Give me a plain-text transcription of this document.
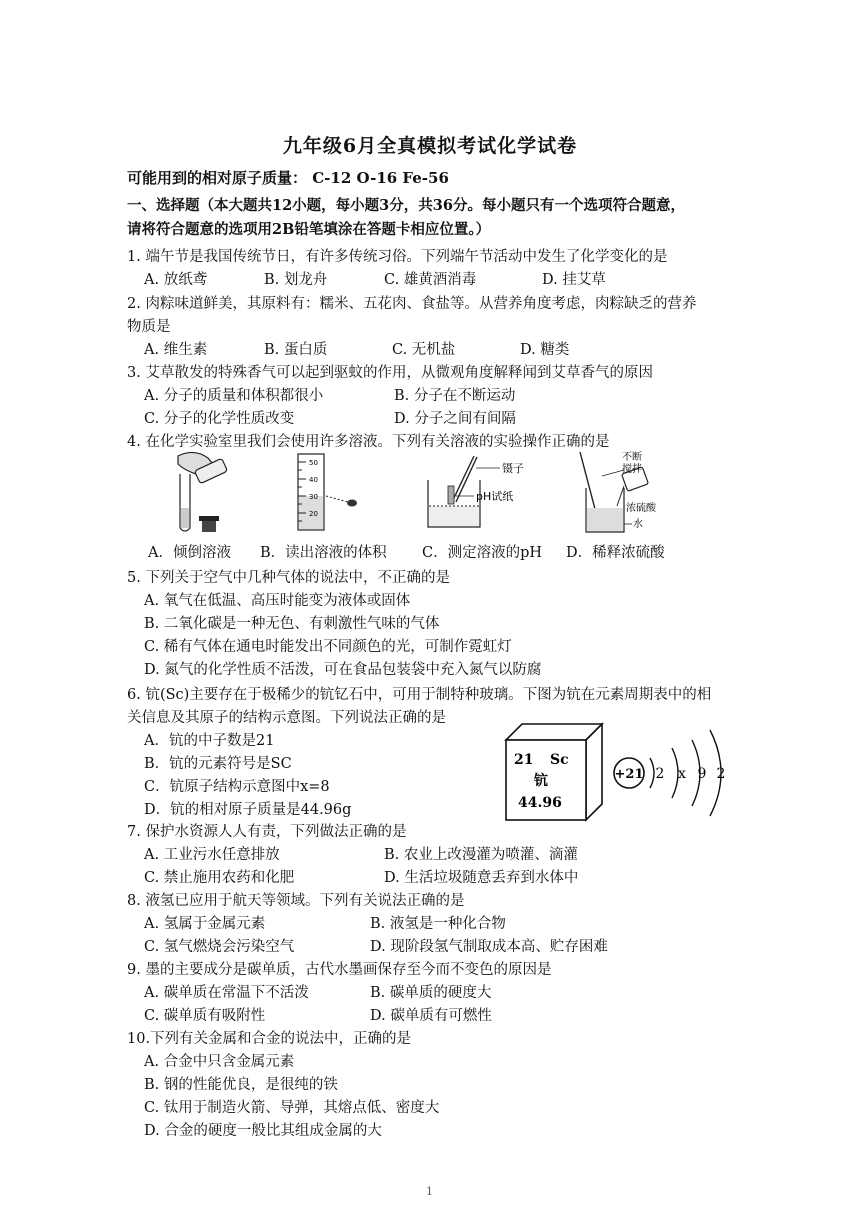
九年级6月全真模拟考试化学试卷
可能用到的相对原子质量： C-12 O-16 Fe-56
一、选择题（本大题共12小题，每小题3分，共36分。每小题只有一个选项符合题意，
请将符合题意的选项用2B铅笔填涂在答题卡相应位置。）
1. 端午节是我国传统节日，有许多传统习俗。下列端午节活动中发生了化学变化的是
A. 放纸鸢	B. 划龙舟	C. 雄黄酒消毒	D. 挂艾草
2. 肉粽味道鲜美，其原料有：糯米、五花肉、食盐等。从营养角度考虑，肉粽缺乏的营养
物质是
A. 维生素	B. 蛋白质	C. 无机盐	D. 糖类
3. 艾草散发的特殊香气可以起到驱蚊的作用，从微观角度解释闻到艾草香气的原因
A. 分子的质量和体积都很小	B. 分子在不断运动
C. 分子的化学性质改变	D. 分子之间有间隔
4. 在化学实验室里我们会使用许多溶液。下列有关溶液的实验操作正确的是
50
40
30
20
镊子
pH试纸
不断
搅拌
浓硫酸
水
A．倾倒溶液 B．读出溶液的体积 C．测定溶液的pH D．稀释浓硫酸
5. 下列关于空气中几种气体的说法中，不正确的是
A. 氧气在低温、高压时能变为液体或固体
B. 二氧化碳是一种无色、有刺激性气味的气体
C. 稀有气体在通电时能发出不同颜色的光，可制作霓虹灯
D. 氮气的化学性质不活泼，可在食品包装袋中充入氮气以防腐
6. 钪(Sc)主要存在于极稀少的钪钇石中，可用于制特种玻璃。下图为钪在元素周期表中的相
关信息及其原子的结构示意图。下列说法正确的是
A．钪的中子数是21
B．钪的元素符号是SC
C．钪原子结构示意图中x=8
D．钪的相对原子质量是44.96g
21 Sc
钪
44.96
+21 2 x 9 2
7. 保护水资源人人有责，下列做法正确的是
A. 工业污水任意排放	B. 农业上改漫灌为喷灌、滴灌
C. 禁止施用农药和化肥	D. 生活垃圾随意丢弃到水体中
8. 液氢已应用于航天等领域。下列有关说法正确的是
A. 氢属于金属元素	B. 液氢是一种化合物
C. 氢气燃烧会污染空气	D. 现阶段氢气制取成本高、贮存困难
9. 墨的主要成分是碳单质，古代水墨画保存至今而不变色的原因是
A. 碳单质在常温下不活泼	B. 碳单质的硬度大
C. 碳单质有吸附性	D. 碳单质有可燃性
10.下列有关金属和合金的说法中，正确的是
A. 合金中只含金属元素
B. 钢的性能优良，是很纯的铁
C. 钛用于制造火箭、导弹，其熔点低、密度大
D. 合金的硬度一般比其组成金属的大
1
